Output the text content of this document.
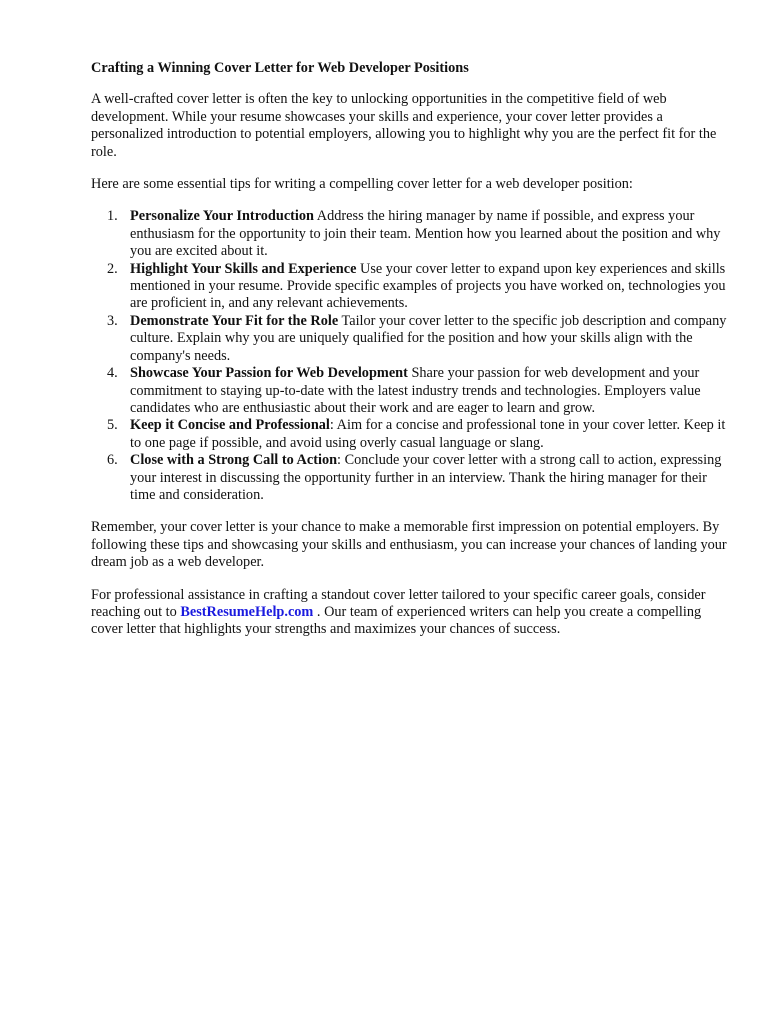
Crafting a Winning Cover Letter for Web Developer Positions

A well-crafted cover letter is often the key to unlocking opportunities in the competitive field of web development. While your resume showcases your skills and experience, your cover letter provides a personalized introduction to potential employers, allowing you to highlight why you are the perfect fit for the role.

Here are some essential tips for writing a compelling cover letter for a web developer position:

1. Personalize Your Introduction Address the hiring manager by name if possible, and express your enthusiasm for the opportunity to join their team. Mention how you learned about the position and why you are excited about it.
2. Highlight Your Skills and Experience Use your cover letter to expand upon key experiences and skills mentioned in your resume. Provide specific examples of projects you have worked on, technologies you are proficient in, and any relevant achievements.
3. Demonstrate Your Fit for the Role Tailor your cover letter to the specific job description and company culture. Explain why you are uniquely qualified for the position and how your skills align with the company's needs.
4. Showcase Your Passion for Web Development Share your passion for web development and your commitment to staying up-to-date with the latest industry trends and technologies. Employers value candidates who are enthusiastic about their work and are eager to learn and grow.
5. Keep it Concise and Professional: Aim for a concise and professional tone in your cover letter. Keep it to one page if possible, and avoid using overly casual language or slang.
6. Close with a Strong Call to Action: Conclude your cover letter with a strong call to action, expressing your interest in discussing the opportunity further in an interview. Thank the hiring manager for their time and consideration.

Remember, your cover letter is your chance to make a memorable first impression on potential employers. By following these tips and showcasing your skills and enthusiasm, you can increase your chances of landing your dream job as a web developer.

For professional assistance in crafting a standout cover letter tailored to your specific career goals, consider reaching out to BestResumeHelp.com . Our team of experienced writers can help you create a compelling cover letter that highlights your strengths and maximizes your chances of success.
